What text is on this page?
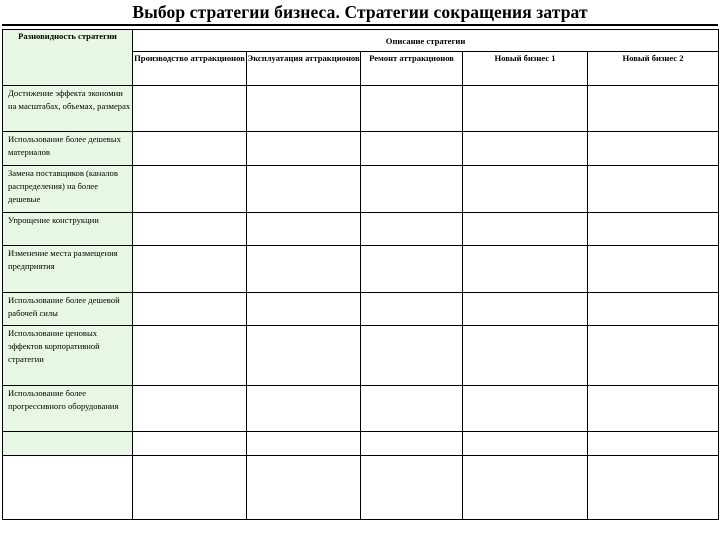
Выбор стратегии бизнеса. Стратегии сокращения затрат
Разновидность стратегии	Описание стратегии				
	Производство аттракционов	Эксплуатация аттракционов	Ремонт аттракционов	Новый бизнес 1	Новый бизнес 2
Достижение эффекта экономии на масштабах, объемах, размерах					
Использование более дешевых материалов					
Замена поставщиков (каналов распределения) на более дешевые					
Упрощение конструкции					
Изменение места размещения предприятия					
Использование более дешевой рабочей силы					
Использование ценовых эффектов корпоративной стратегии					
Использование более прогрессивного оборудования					
